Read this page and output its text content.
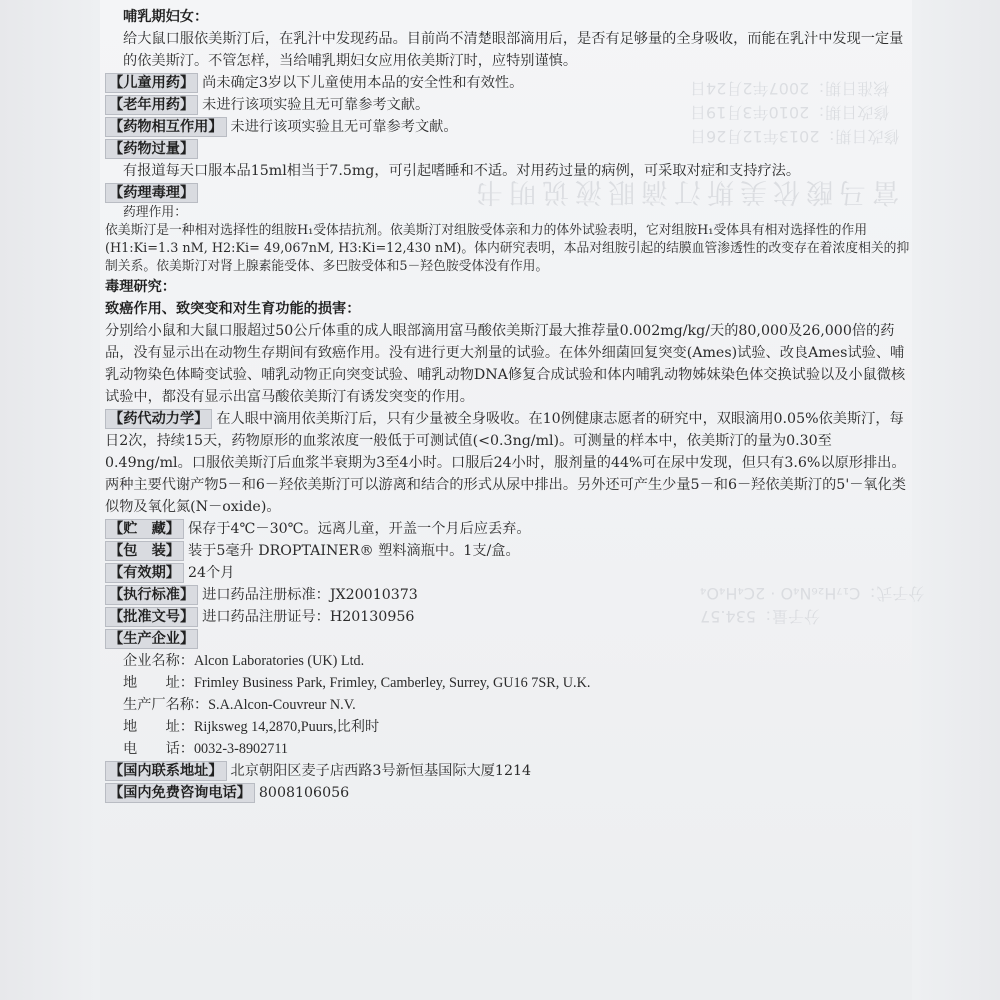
核准日期：2007年2月24日
修改日期：2010年3月19日
修改日期：2013年12月26日
富马酸依美斯汀滴眼液说明书
分子式：C₁₇H₂₆N₄O · 2C₄H₄O₄
分子量：534.57

哺乳期妇女：

给大鼠口服依美斯汀后，在乳汁中发现药品。目前尚不清楚眼部滴用后，是否有足够量的全身吸收，而能在乳汁中发现一定量的依美斯汀。不管怎样，当给哺乳期妇女应用依美斯汀时，应特别谨慎。

【儿童用药】 尚未确定3岁以下儿童使用本品的安全性和有效性。

【老年用药】 未进行该项实验且无可靠参考文献。

【药物相互作用】 未进行该项实验且无可靠参考文献。

【药物过量】

有报道每天口服本品15ml相当于7.5mg，可引起嗜睡和不适。对用药过量的病例，可采取对症和支持疗法。

【药理毒理】

药理作用：

依美斯汀是一种相对选择性的组胺H₁受体拮抗剂。依美斯汀对组胺受体亲和力的体外试验表明，它对组胺H₁受体具有相对选择性的作用 (H1:Ki=1.3 nM, H2:Ki= 49,067nM, H3:Ki=12,430 nM)。体内研究表明，本品对组胺引起的结膜血管渗透性的改变存在着浓度相关的抑制关系。依美斯汀对肾上腺素能受体、多巴胺受体和5－羟色胺受体没有作用。

毒理研究：

致癌作用、致突变和对生育功能的损害：

分别给小鼠和大鼠口服超过50公斤体重的成人眼部滴用富马酸依美斯汀最大推荐量0.002mg/kg/天的80,000及26,000倍的药品，没有显示出在动物生存期间有致癌作用。没有进行更大剂量的试验。在体外细菌回复突变(Ames)试验、改良Ames试验、哺乳动物染色体畸变试验、哺乳动物正向突变试验、哺乳动物DNA修复合成试验和体内哺乳动物姊妹染色体交换试验以及小鼠微核试验中，都没有显示出富马酸依美斯汀有诱发突变的作用。

【药代动力学】 在人眼中滴用依美斯汀后，只有少量被全身吸收。在10例健康志愿者的研究中，双眼滴用0.05%依美斯汀，每日2次，持续15天，药物原形的血浆浓度一般低于可测试值(<0.3ng/ml)。可测量的样本中，依美斯汀的量为0.30至0.49ng/ml。口服依美斯汀后血浆半衰期为3至4小时。口服后24小时，服剂量的44%可在尿中发现，但只有3.6%以原形排出。两种主要代谢产物5－和6－羟依美斯汀可以游离和结合的形式从尿中排出。另外还可产生少量5－和6－羟依美斯汀的5'－氧化类似物及氧化氮(N－oxide)。

【贮　藏】 保存于4℃－30℃。远离儿童，开盖一个月后应丢弃。

【包　装】 装于5毫升 DROPTAINER® 塑料滴瓶中。1支/盒。

【有效期】 24个月

【执行标准】 进口药品注册标准：JX20010373

【批准文号】 进口药品注册证号：H20130956

【生产企业】

企业名称：Alcon Laboratories (UK) Ltd.

地　　址：Frimley Business Park, Frimley, Camberley, Surrey, GU16 7SR, U.K.

生产厂名称：S.A.Alcon-Couvreur N.V.

地　　址：Rijksweg 14,2870,Puurs,比利时

电　　话：0032-3-8902711

【国内联系地址】 北京朝阳区麦子店西路3号新恒基国际大厦1214

【国内免费咨询电话】 8008106056
